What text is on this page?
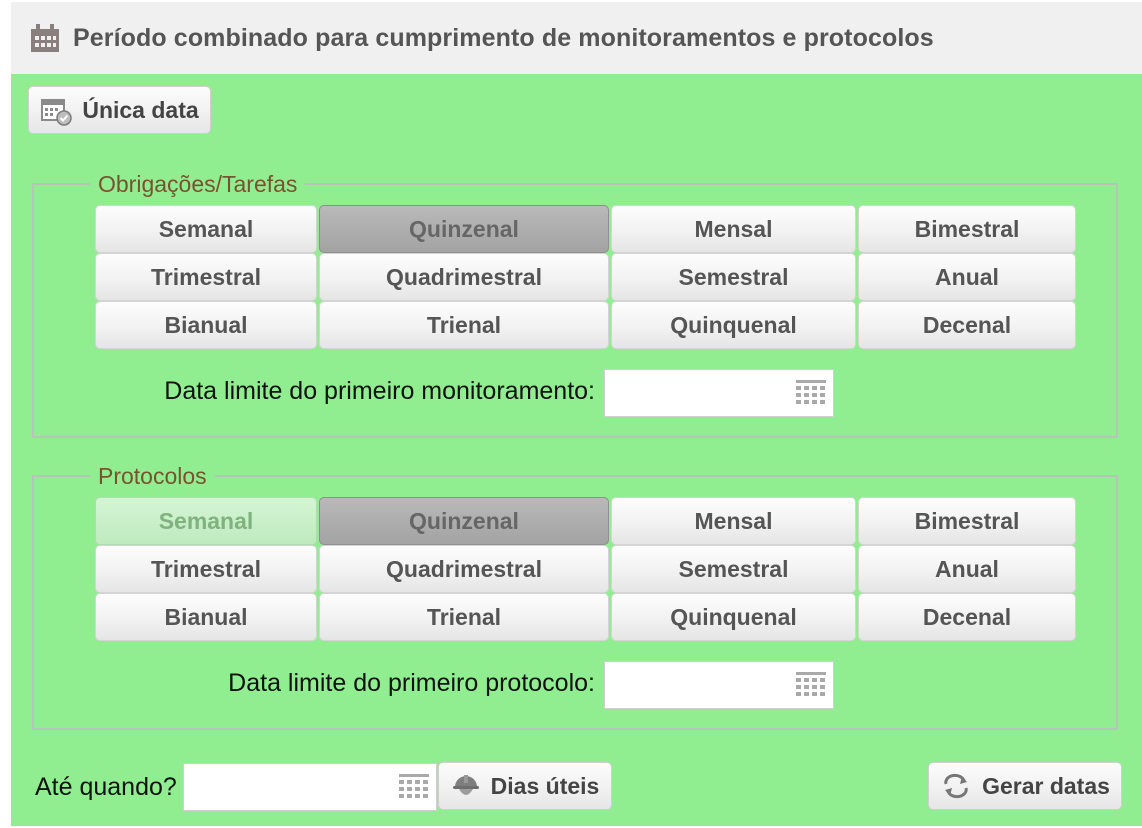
Período combinado para cumprimento de monitoramentos e protocolos
Única data
Obrigações/Tarefas
Semanal	Quinzenal	Mensal	Bimestral
Trimestral	Quadrimestral	Semestral	Anual
Bianual	Trienal	Quinquenal	Decenal
Data limite do primeiro monitoramento:
Protocolos
Semanal	Quinzenal	Mensal	Bimestral
Trimestral	Quadrimestral	Semestral	Anual
Bianual	Trienal	Quinquenal	Decenal
Data limite do primeiro protocolo:
Até quando?	Dias úteis	Gerar datas
